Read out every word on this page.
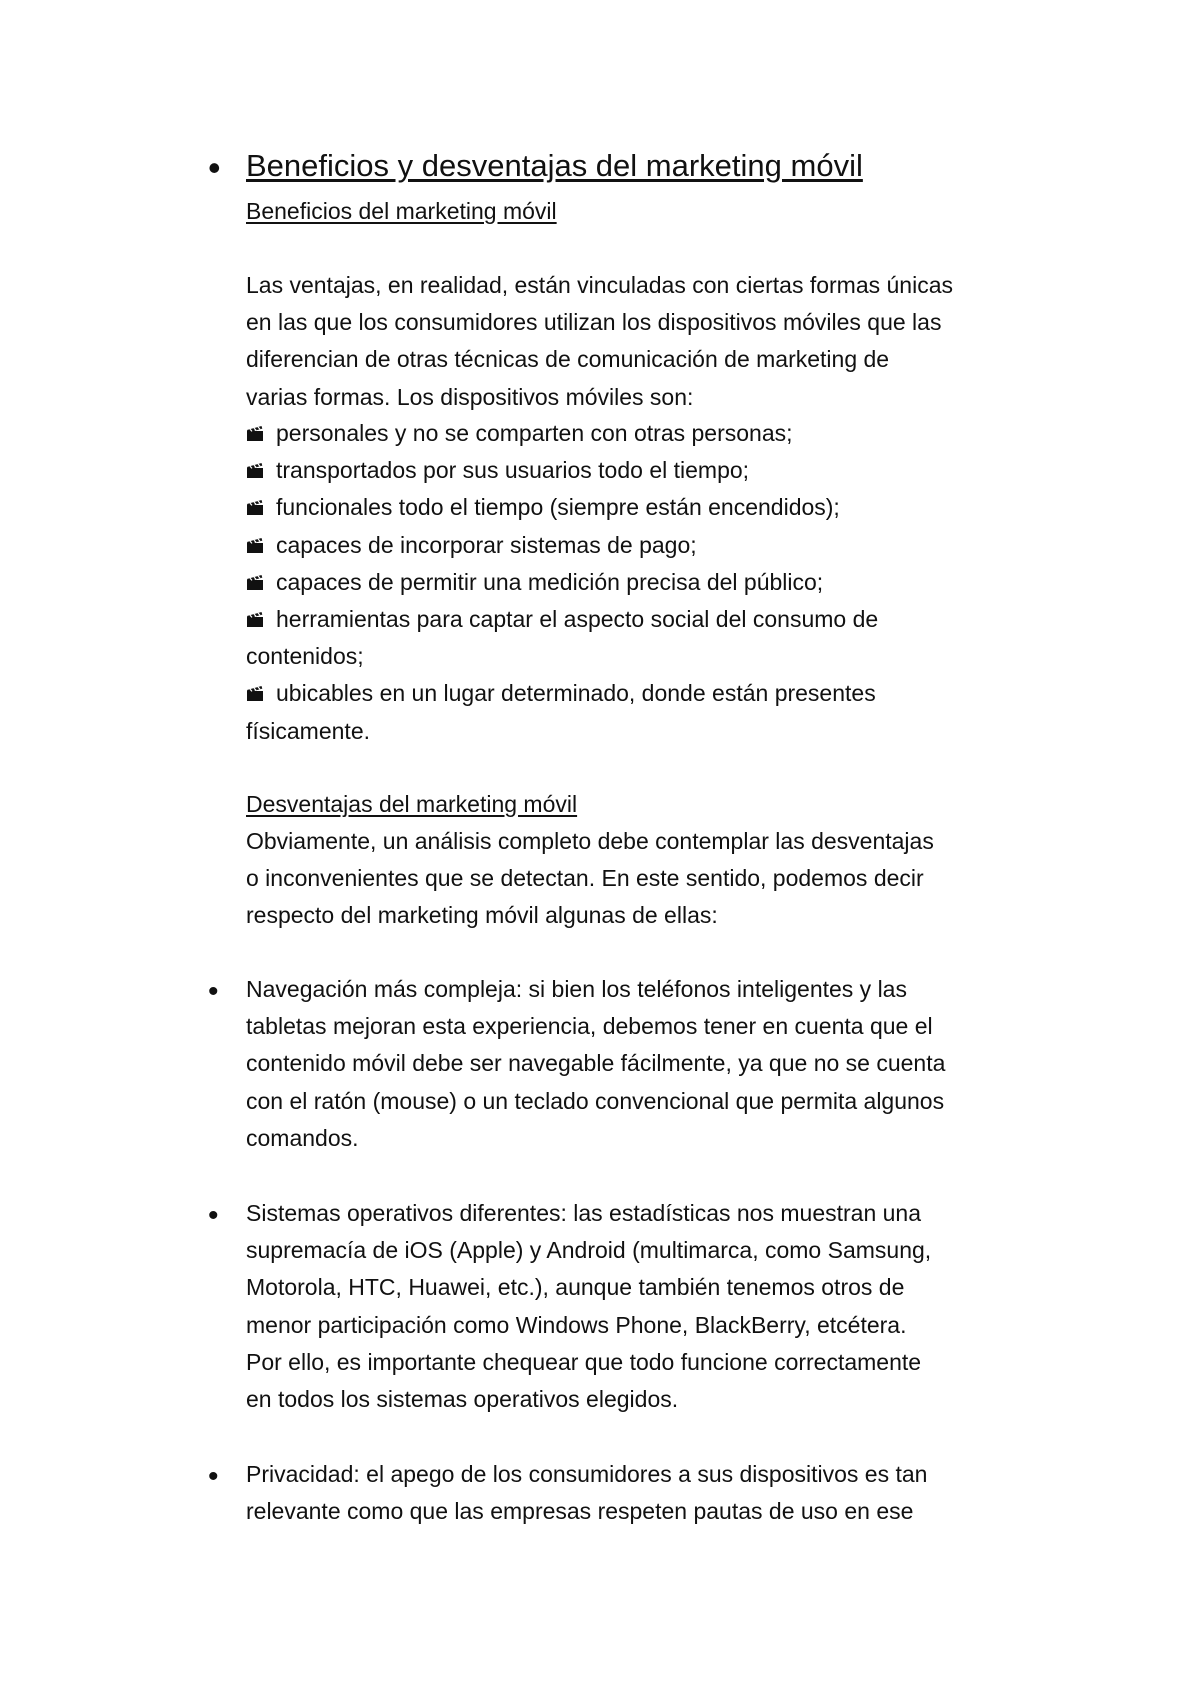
• Beneficios y desventajas del marketing móvil
Beneficios del marketing móvil

Las ventajas, en realidad, están vinculadas con ciertas formas únicas
en las que los consumidores utilizan los dispositivos móviles que las
diferencian de otras técnicas de comunicación de marketing de
varias formas. Los dispositivos móviles son:

personales y no se comparten con otras personas;
transportados por sus usuarios todo el tiempo;
funcionales todo el tiempo (siempre están encendidos);
capaces de incorporar sistemas de pago;
capaces de permitir una medición precisa del público;
herramientas para captar el aspecto social del consumo de
contenidos;
ubicables en un lugar determinado, donde están presentes
físicamente.
Desventajas del marketing móvil

Obviamente, un análisis completo debe contemplar las desventajas
o inconvenientes que se detectan. En este sentido, podemos decir
respecto del marketing móvil algunas de ellas:

• Navegación más compleja: si bien los teléfonos inteligentes y las
tabletas mejoran esta experiencia, debemos tener en cuenta que el
contenido móvil debe ser navegable fácilmente, ya que no se cuenta
con el ratón (mouse) o un teclado convencional que permita algunos
comandos.

• Sistemas operativos diferentes: las estadísticas nos muestran una
supremacía de iOS (Apple) y Android (multimarca, como Samsung,
Motorola, HTC, Huawei, etc.), aunque también tenemos otros de
menor participación como Windows Phone, BlackBerry, etcétera.
Por ello, es importante chequear que todo funcione correctamente
en todos los sistemas operativos elegidos.

• Privacidad: el apego de los consumidores a sus dispositivos es tan
relevante como que las empresas respeten pautas de uso en ese
